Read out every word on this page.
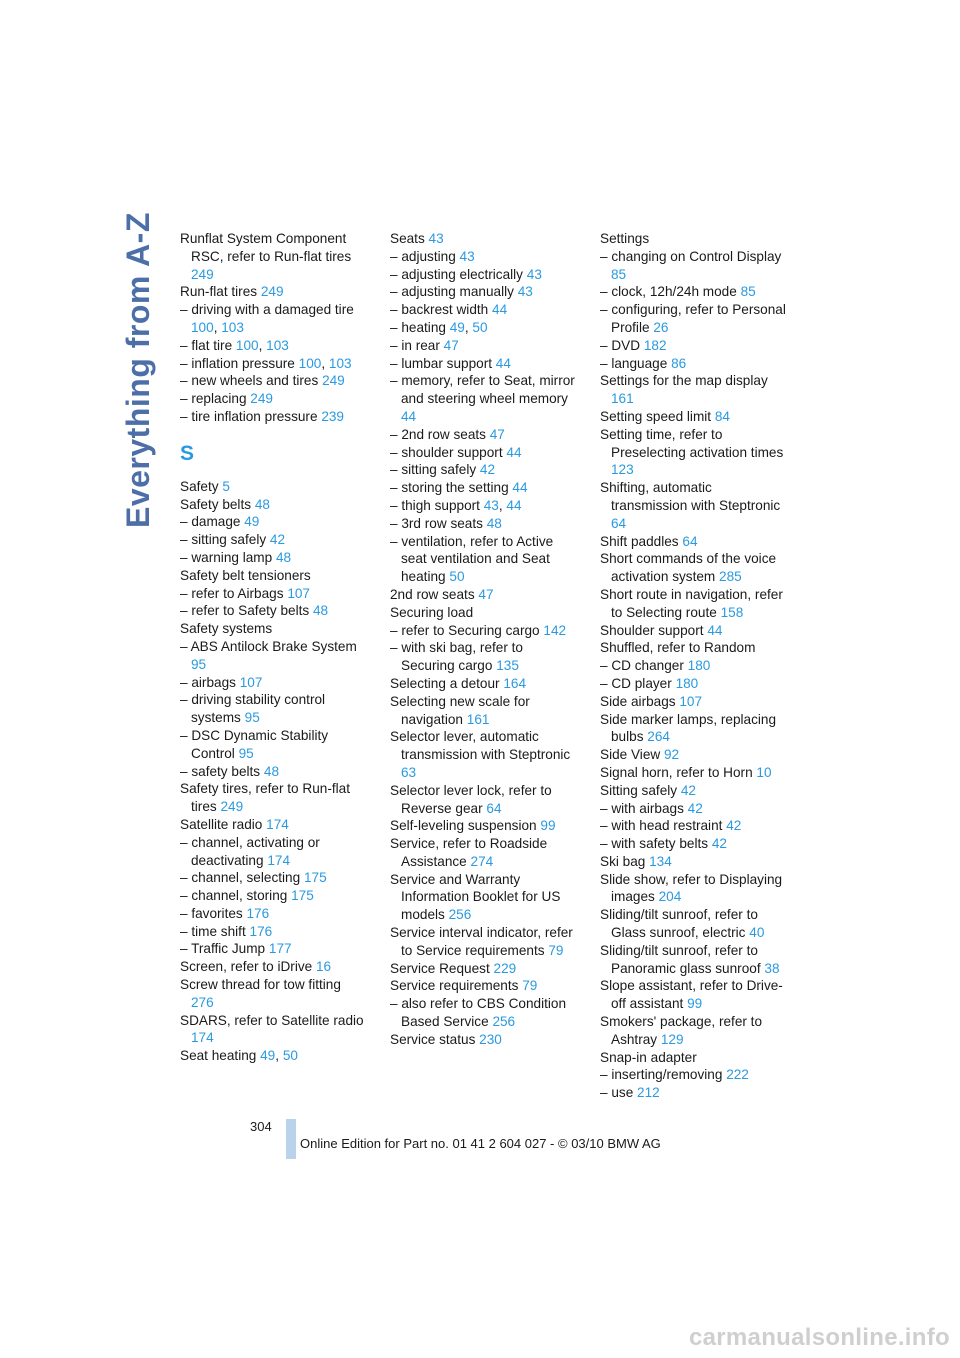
Everything from A-Z Runflat System Component RSC, refer to Run-flat tires 249
Run-flat tires 249
– driving with a damaged tire 100, 103
– flat tire 100, 103
– inflation pressure 100, 103
– new wheels and tires 249
– replacing 249
– tire inflation pressure 239
S
Safety 5
Safety belts 48
– damage 49
– sitting safely 42
– warning lamp 48
Safety belt tensioners
– refer to Airbags 107
– refer to Safety belts 48
Safety systems
– ABS Antilock Brake System 95
– airbags 107
– driving stability control systems 95
– DSC Dynamic Stability Control 95
– safety belts 48
Safety tires, refer to Run-flat tires 249
Satellite radio 174
– channel, activating or deactivating 174
– channel, selecting 175
– channel, storing 175
– favorites 176
– time shift 176
– Traffic Jump 177
Screen, refer to iDrive 16
Screw thread for tow fitting 276
SDARS, refer to Satellite radio 174
Seat heating 49, 50
Seats 43
– adjusting 43
– adjusting electrically 43
– adjusting manually 43
– backrest width 44
– heating 49, 50
– in rear 47
– lumbar support 44
– memory, refer to Seat, mirror and steering wheel memory 44
– 2nd row seats 47
– shoulder support 44
– sitting safely 42
– storing the setting 44
– thigh support 43, 44
– 3rd row seats 48
– ventilation, refer to Active seat ventilation and Seat heating 50
2nd row seats 47
Securing load
– refer to Securing cargo 142
– with ski bag, refer to Securing cargo 135
Selecting a detour 164
Selecting new scale for navigation 161
Selector lever, automatic transmission with Steptronic 63
Selector lever lock, refer to Reverse gear 64
Self-leveling suspension 99
Service, refer to Roadside Assistance 274
Service and Warranty Information Booklet for US models 256
Service interval indicator, refer to Service requirements 79
Service Request 229
Service requirements 79
– also refer to CBS Condition Based Service 256
Service status 230
Settings
– changing on Control Display 85
– clock, 12h/24h mode 85
– configuring, refer to Personal Profile 26
– DVD 182
– language 86
Settings for the map display 161
Setting speed limit 84
Setting time, refer to Preselecting activation times 123
Shifting, automatic transmission with Steptronic 64
Shift paddles 64
Short commands of the voice activation system 285
Short route in navigation, refer to Selecting route 158
Shoulder support 44
Shuffled, refer to Random
– CD changer 180
– CD player 180
Side airbags 107
Side marker lamps, replacing bulbs 264
Side View 92
Signal horn, refer to Horn 10
Sitting safely 42
– with airbags 42
– with head restraint 42
– with safety belts 42
Ski bag 134
Slide show, refer to Displaying images 204
Sliding/tilt sunroof, refer to Glass sunroof, electric 40
Sliding/tilt sunroof, refer to Panoramic glass sunroof 38
Slope assistant, refer to Drive-off assistant 99
Smokers' package, refer to Ashtray 129
Snap-in adapter
– inserting/removing 222
– use 212
304
Online Edition for Part no. 01 41 2 604 027 - © 03/10 BMW AG
carmanualsonline.info
